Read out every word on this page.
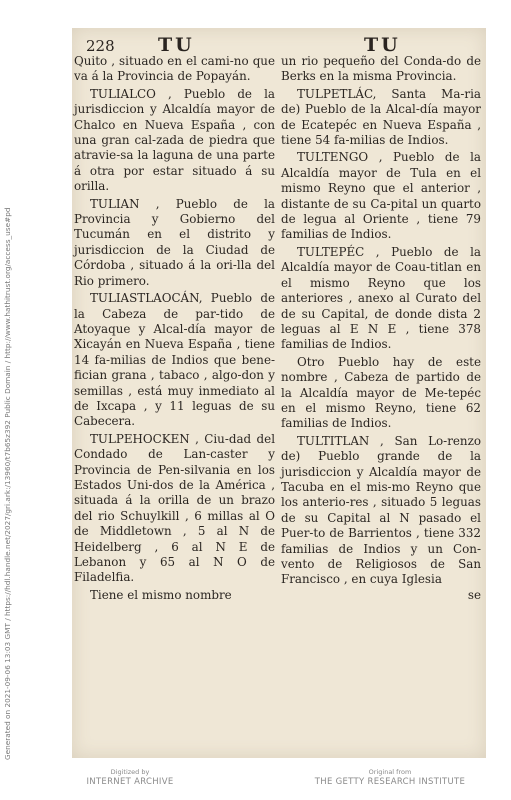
Generated on 2021-09-06 13:03 GMT / https://hdl.handle.net/2027/gri.ark:/13960/t7b65z392 Public Domain / http://www.hathitrust.org/access_use#pd
228 TU	TU

Quito , situado en el cami-no que va á la Provincia de Popayán.

TULIALCO , Pueblo de la jurisdiccion y Alcaldía mayor de Chalco en Nueva España , con una gran cal-zada de piedra que atravie-sa la laguna de una parte á otra por estar situado á su orilla.

TULIAN , Pueblo de la Provincia y Gobierno del Tucumán en el distrito y jurisdiccion de la Ciudad de Córdoba , situado á la ori-lla del Rio primero.

TULIASTLAOCÁN, Pueblo de la Cabeza de par-tido de Atoyaque y Alcal-día mayor de Xicayán en Nueva España , tiene 14 fa-milias de Indios que bene-fician grana , tabaco , algo-don y semillas , está muy inmediato al de Ixcapa , y 11 leguas de su Cabecera.

TULPEHOCKEN , Ciu-dad del Condado de Lan-caster y Provincia de Pen-silvania en los Estados Uni-dos de la América , situada á la orilla de un brazo del rio Schuylkill , 6 millas al O de Middletown , 5 al N de Heidelberg , 6 al N E de Lebanon y 65 al N O de Filadelfia.

Tiene el mismo nombre

un rio pequeño del Conda-do de Berks en la misma Provincia.

TULPETLÁC, Santa Ma-ria de) Pueblo de la Alcal-día mayor de Ecatepéc en Nueva España , tiene 54 fa-milias de Indios.

TULTENGO , Pueblo de la Alcaldía mayor de Tula en el mismo Reyno que el anterior , distante de su Ca-pital un quarto de legua al Oriente , tiene 79 familias de Indios.

TULTEPÉC , Pueblo de la Alcaldía mayor de Coau-titlan en el mismo Reyno que los anteriores , anexo al Curato del de su Capital, de donde dista 2 leguas al E N E , tiene 378 familias de Indios.

Otro Pueblo hay de este nombre , Cabeza de partido de la Alcaldía mayor de Me-tepéc en el mismo Reyno, tiene 62 familias de Indios.

TULTITLAN , San Lo-renzo de) Pueblo grande de la jurisdiccion y Alcaldía mayor de Tacuba en el mis-mo Reyno que los anterio-res , situado 5 leguas de su Capital al N pasado el Puer-to de Barrientos , tiene 332 familias de Indios y un Con-vento de Religiosos de San Francisco , en cuya Iglesia

se

Digitized by
INTERNET ARCHIVE
Original from
THE GETTY RESEARCH INSTITUTE
